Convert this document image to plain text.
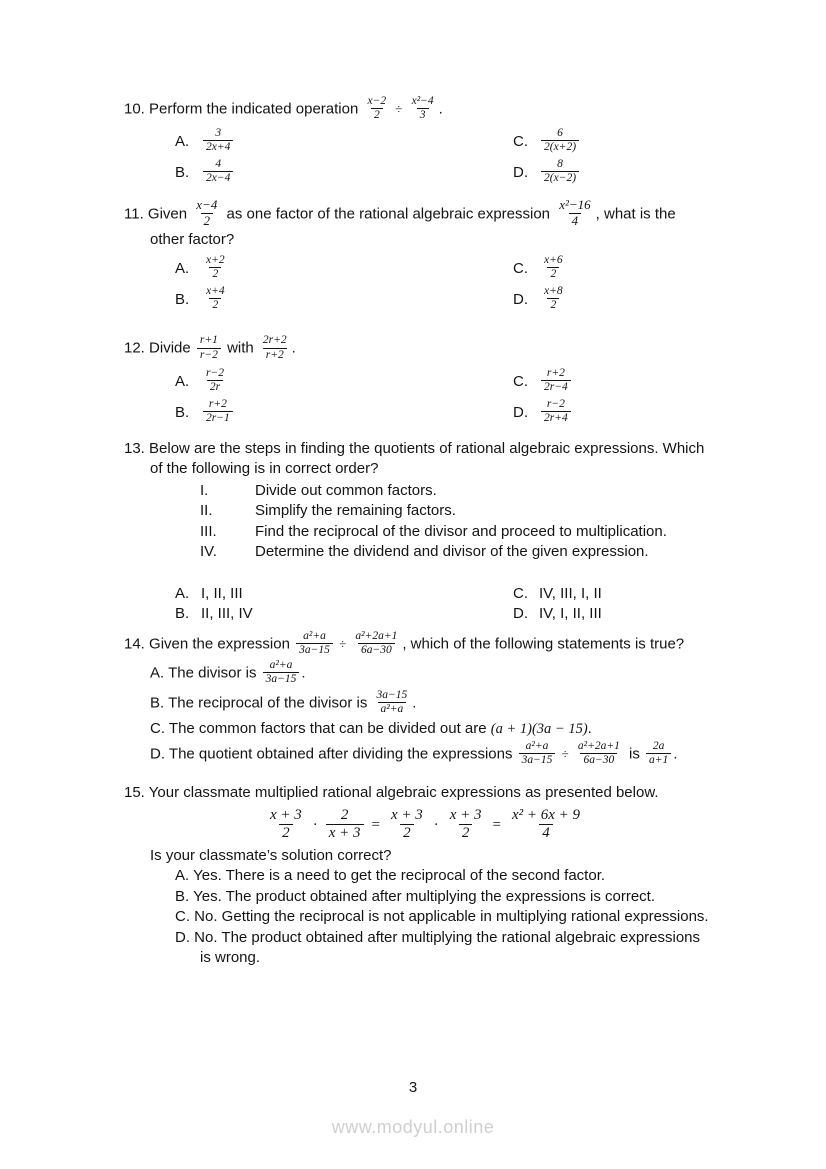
10. Perform the indicated operation $\frac{x-2}{2} \div \frac{\text{x²−4}}{3}$ .
A.	$\frac{3}{2x+4}$	C.	$\frac{6}{2(x+2)}$
B.	$\frac{4}{2x-4}$	D.	$\frac{8}{2(x-2)}$
11. Given $\frac{x-4}{2}$ as one factor of the rational algebraic expression $\frac{\text{x²−16}}{4}$ , what is the
other factor?
A.	$\frac{x+2}{2}$	C.	$\frac{x+6}{2}$
B.	$\frac{x+4}{2}$	D.	$\frac{x+8}{2}$
12. Divide $\frac{r+1}{r-2}$ with $\frac{2r+2}{r+2}$ .
A.	$\frac{r-2}{2r}$	C.	$\frac{r+2}{2r-4}$
B.	$\frac{r+2}{2r-1}$	D.	$\frac{r-2}{2r+4}$
13. Below are the steps in finding the quotients of rational algebraic expressions. Which
of the following is in correct order?
I.	Divide out common factors.
II.	Simplify the remaining factors.
III.	Find the reciprocal of the divisor and proceed to multiplication.
IV.	Determine the dividend and divisor of the given expression.
A. I, II, III	C. IV, III, I, II
B. II, III, IV	D. IV, I, II, III
14. Given the expression $\frac{\text{a²+a}}{3a-15} \div \frac{\text{a²+2a+1}}{6a-30}$ , which of the following statements is true?
A. The divisor is $\frac{\text{a²+a}}{3a-15}$ .
B. The reciprocal of the divisor is $\frac{3a-15}{\text{a²+a}}$ .
C. The common factors that can be divided out are (a + 1)(3a − 15).
D. The quotient obtained after dividing the expressions $\frac{\text{a²+a}}{3a-15} \div \frac{\text{a²+2a+1}}{6a-30}$ is $\frac{2a}{a+1}$ .
15. Your classmate multiplied rational algebraic expressions as presented below.
$\frac{x + 3}{2} \cdot \frac{2}{x + 3} = \frac{x + 3}{2} \cdot \frac{x + 3}{2} = \frac{\text{x² + 6x + 9}}{4}$
Is your classmate’s solution correct?
A. Yes. There is a need to get the reciprocal of the second factor.
B. Yes. The product obtained after multiplying the expressions is correct.
C. No. Getting the reciprocal is not applicable in multiplying rational expressions.
D. No. The product obtained after multiplying the rational algebraic expressions
is wrong.
3
www.modyul.online
